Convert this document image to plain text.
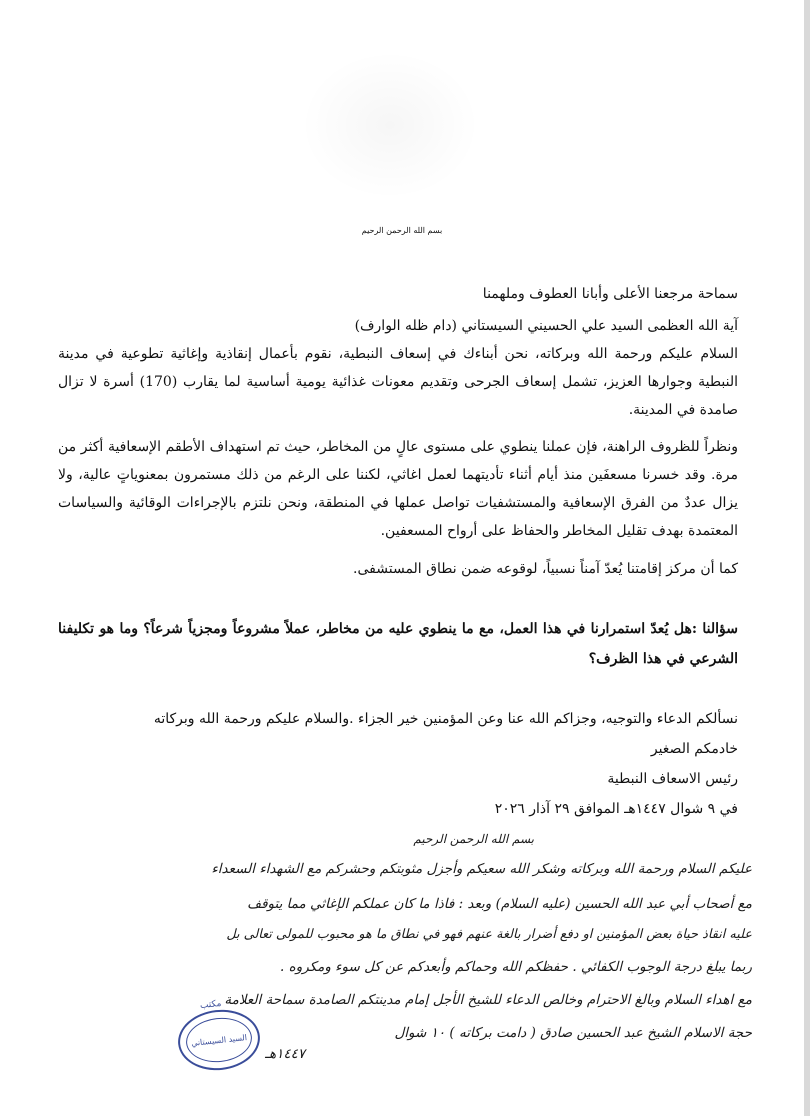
بسم الله الرحمن الرحيم
سماحة مرجعنا الأعلى وأبانا العطوف وملهمنا
آية الله العظمى السيد علي الحسيني السيستاني (دام ظله الوارف)
السلام عليكم ورحمة الله وبركاته، نحن أبناءك في إسعاف النبطية، نقوم بأعمال إنقاذية وإغاثية تطوعية في مدينة النبطية وجوارها العزيز، تشمل إسعاف الجرحى وتقديم معونات غذائية يومية أساسية لما يقارب (170) أسرة لا تزال صامدة في المدينة.
ونظراً للظروف الراهنة، فإن عملنا ينطوي على مستوى عالٍ من المخاطر، حيث تم استهداف الأطقم الإسعافية أكثر من مرة. وقد خسرنا مسعفَين منذ أيام أثناء تأديتهما لعمل اغاثي، لكننا على الرغم من ذلك مستمرون بمعنوياتٍ عالية، ولا يزال عددٌ من الفرق الإسعافية والمستشفيات تواصل عملها في المنطقة، ونحن نلتزم بالإجراءات الوقائية والسياسات المعتمدة بهدف تقليل المخاطر والحفاظ على أرواح المسعفين.
كما أن مركز إقامتنا يُعدّ آمناً نسبياً، لوقوعه ضمن نطاق المستشفى.
سؤالنا :هل يُعدّ استمرارنا في هذا العمل، مع ما ينطوي عليه من مخاطر، عملاً مشروعاً ومجزياً شرعاً؟ وما هو تكليفنا الشرعي في هذا الظرف؟
نسألكم الدعاء والتوجيه، وجزاكم الله عنا وعن المؤمنين خير الجزاء .والسلام عليكم ورحمة الله وبركاته
خادمكم الصغير
رئيس الاسعاف النبطية
في ٩ شوال ١٤٤٧هـ الموافق ٢٩ آذار ٢٠٢٦
بسم الله الرحمن الرحيم
عليكم السلام ورحمة الله وبركاته وشكر الله سعيكم وأجزل مثوبتكم وحشركم مع الشهداء السعداء
مع أصحاب أبي عبد الله الحسين (عليه السلام) وبعد : فاذا ما كان عملكم الإغاثي مما يتوقف
عليه انقاذ حياة بعض المؤمنين او دفع أضرار بالغة عنهم فهو في نطاق ما هو محبوب للمولى تعالى بل
ربما يبلغ درجة الوجوب الكفائي . حفظكم الله وحماكم وأبعدكم عن كل سوء ومكروه .
مع اهداء السلام وبالغ الاحترام وخالص الدعاء للشيخ الأجل إمام مدينتكم الصامدة سماحة العلامة
حجة الاسلام الشيخ عبد الحسين صادق ( دامت بركاته ) ١٠ شوال
١٤٤٧هـ
مكتب
السيد السيستاني
